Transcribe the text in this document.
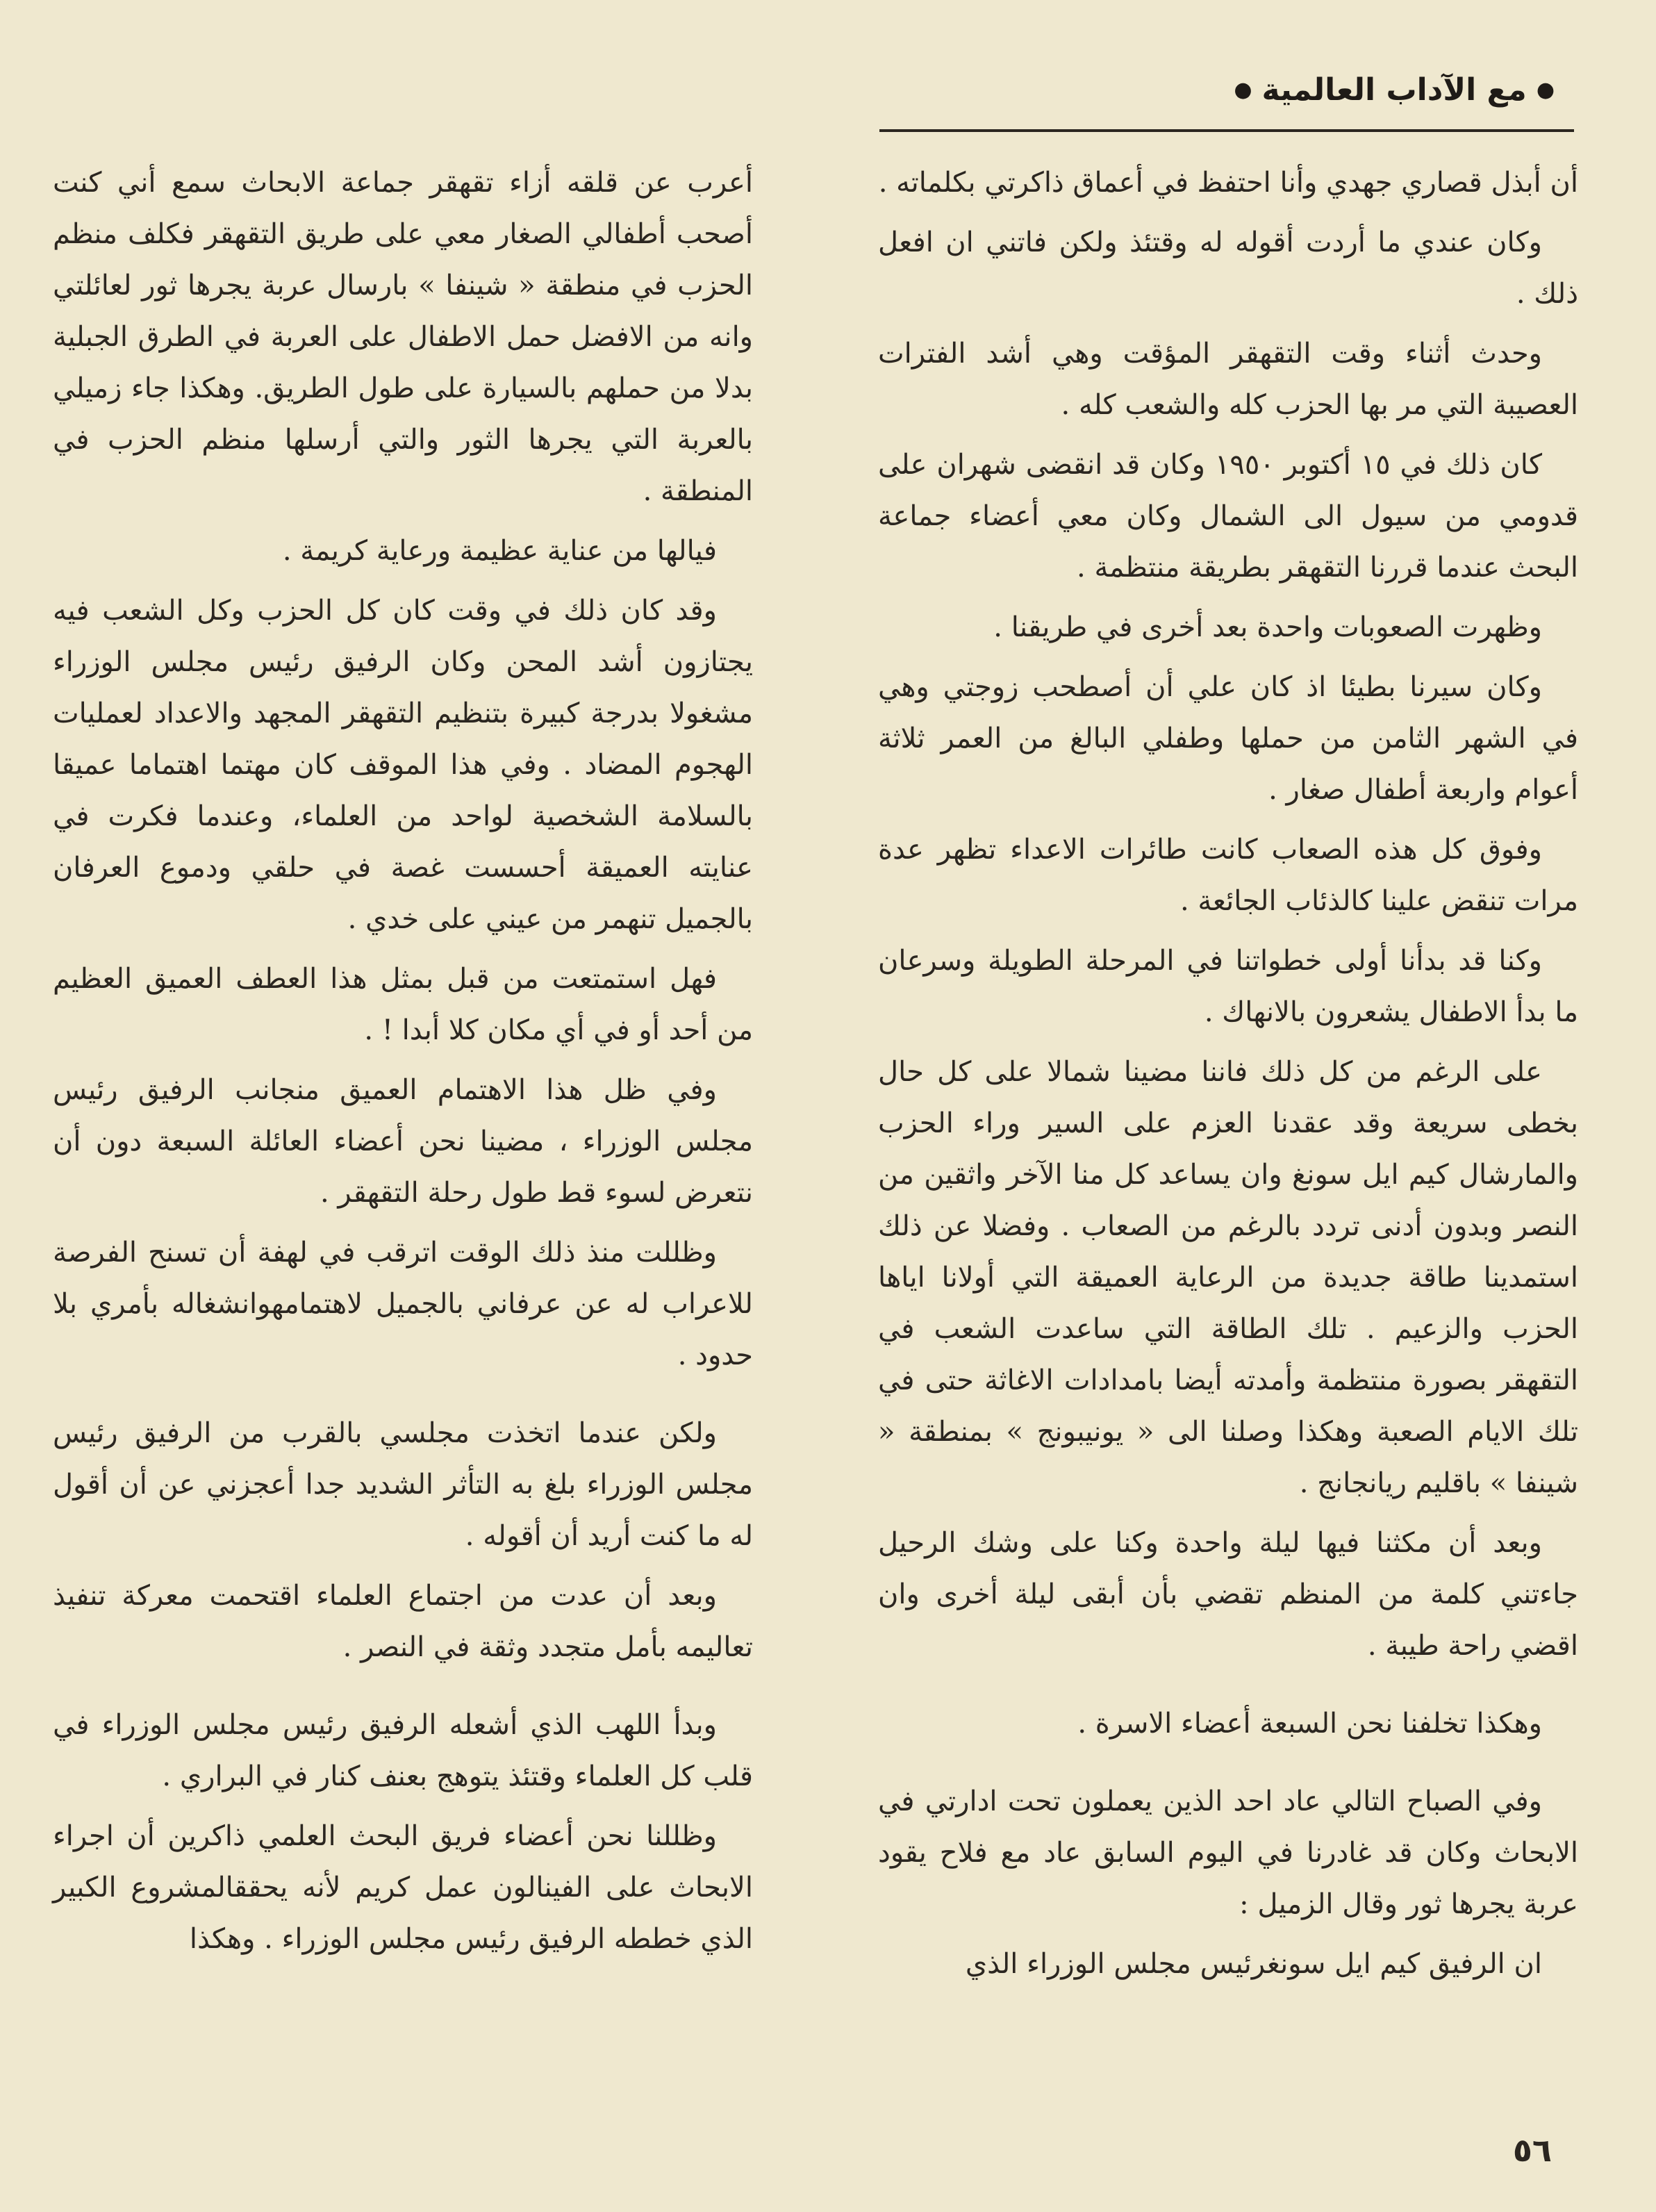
●
مع الآداب العالمية
●

أن أبذل قصاري جهدي وأنا احتفظ في أعماق ذاكرتي بكلماته .

وكان عندي ما أردت أقوله له وقتئذ ولكن فاتني ان افعل ذلك .

وحدث أثناء وقت التقهقر المؤقت وهي أشد الفترات العصيبة التي مر بها الحزب كله والشعب كله .

كان ذلك في ١٥ أكتوبر ١٩٥٠ وكان قد انقضى شهران على قدومي من سيول الى الشمال وكان معي أعضاء جماعة البحث عندما قررنا التقهقر بطريقة منتظمة .

وظهرت الصعوبات واحدة بعد أخرى في طريقنا .

وكان سيرنا بطيئا اذ كان علي أن أصطحب زوجتي وهي في الشهر الثامن من حملها وطفلي البالغ من العمر ثلاثة أعوام واربعة أطفال صغار .

وفوق كل هذه الصعاب كانت طائرات الاعداء تظهر عدة مرات تنقض علينا كالذئاب الجائعة .

وكنا قد بدأنا أولى خطواتنا في المرحلة الطويلة وسرعان ما بدأ الاطفال يشعرون بالانهاك .

على الرغم من كل ذلك فاننا مضينا شمالا على كل حال بخطى سريعة وقد عقدنا العزم على السير وراء الحزب والمارشال كيم ايل سونغ وان يساعد كل منا الآخر واثقين من النصر وبدون أدنى تردد بالرغم من الصعاب . وفضلا عن ذلك استمدينا طاقة جديدة من الرعاية العميقة التي أولانا اياها الحزب والزعيم . تلك الطاقة التي ساعدت الشعب في التقهقر بصورة منتظمة وأمدته أيضا بامدادات الاغاثة حتى في تلك الايام الصعبة وهكذا وصلنا الى « يونيبونج » بمنطقة « شينفا » باقليم ريانجانج .

وبعد أن مكثنا فيها ليلة واحدة وكنا على وشك الرحيل جاءتني كلمة من المنظم تقضي بأن أبقى ليلة أخرى وان اقضي راحة طيبة .

وهكذا تخلفنا نحن السبعة أعضاء الاسرة .

وفي الصباح التالي عاد احد الذين يعملون تحت ادارتي في الابحاث وكان قد غادرنا في اليوم السابق عاد مع فلاح يقود عربة يجرها ثور وقال الزميل :

ان الرفيق كيم ايل سونغرئيس مجلس الوزراء الذي

أعرب عن قلقه أزاء تقهقر جماعة الابحاث سمع أني كنت أصحب أطفالي الصغار معي على طريق التقهقر فكلف منظم الحزب في منطقة « شينفا » بارسال عربة يجرها ثور لعائلتي وانه من الافضل حمل الاطفال على العربة في الطرق الجبلية بدلا من حملهم بالسيارة على طول الطريق. وهكذا جاء زميلي بالعربة التي يجرها الثور والتي أرسلها منظم الحزب في المنطقة .

فيالها من عناية عظيمة ورعاية كريمة .

وقد كان ذلك في وقت كان كل الحزب وكل الشعب فيه يجتازون أشد المحن وكان الرفيق رئيس مجلس الوزراء مشغولا بدرجة كبيرة بتنظيم التقهقر المجهد والاعداد لعمليات الهجوم المضاد . وفي هذا الموقف كان مهتما اهتماما عميقا بالسلامة الشخصية لواحد من العلماء، وعندما فكرت في عنايته العميقة أحسست غصة في حلقي ودموع العرفان بالجميل تنهمر من عيني على خدي .

فهل استمتعت من قبل بمثل هذا العطف العميق العظيم من أحد أو في أي مكان كلا أبدا ! .

وفي ظل هذا الاهتمام العميق منجانب الرفيق رئيس مجلس الوزراء ، مضينا نحن أعضاء العائلة السبعة دون أن نتعرض لسوء قط طول رحلة التقهقر .

وظللت منذ ذلك الوقت اترقب في لهفة أن تسنح الفرصة للاعراب له عن عرفاني بالجميل لاهتمامهوانشغاله بأمري بلا حدود .

ولكن عندما اتخذت مجلسي بالقرب من الرفيق رئيس مجلس الوزراء بلغ به التأثر الشديد جدا أعجزني عن أن أقول له ما كنت أريد أن أقوله .

وبعد أن عدت من اجتماع العلماء اقتحمت معركة تنفيذ تعاليمه بأمل متجدد وثقة في النصر .

وبدأ اللهب الذي أشعله الرفيق رئيس مجلس الوزراء في قلب كل العلماء وقتئذ يتوهج بعنف كنار في البراري .

وظللنا نحن أعضاء فريق البحث العلمي ذاكرين أن اجراء الابحاث على الفينالون عمل كريم لأنه يحققالمشروع الكبير الذي خططه الرفيق رئيس مجلس الوزراء . وهكذا

٥٦
